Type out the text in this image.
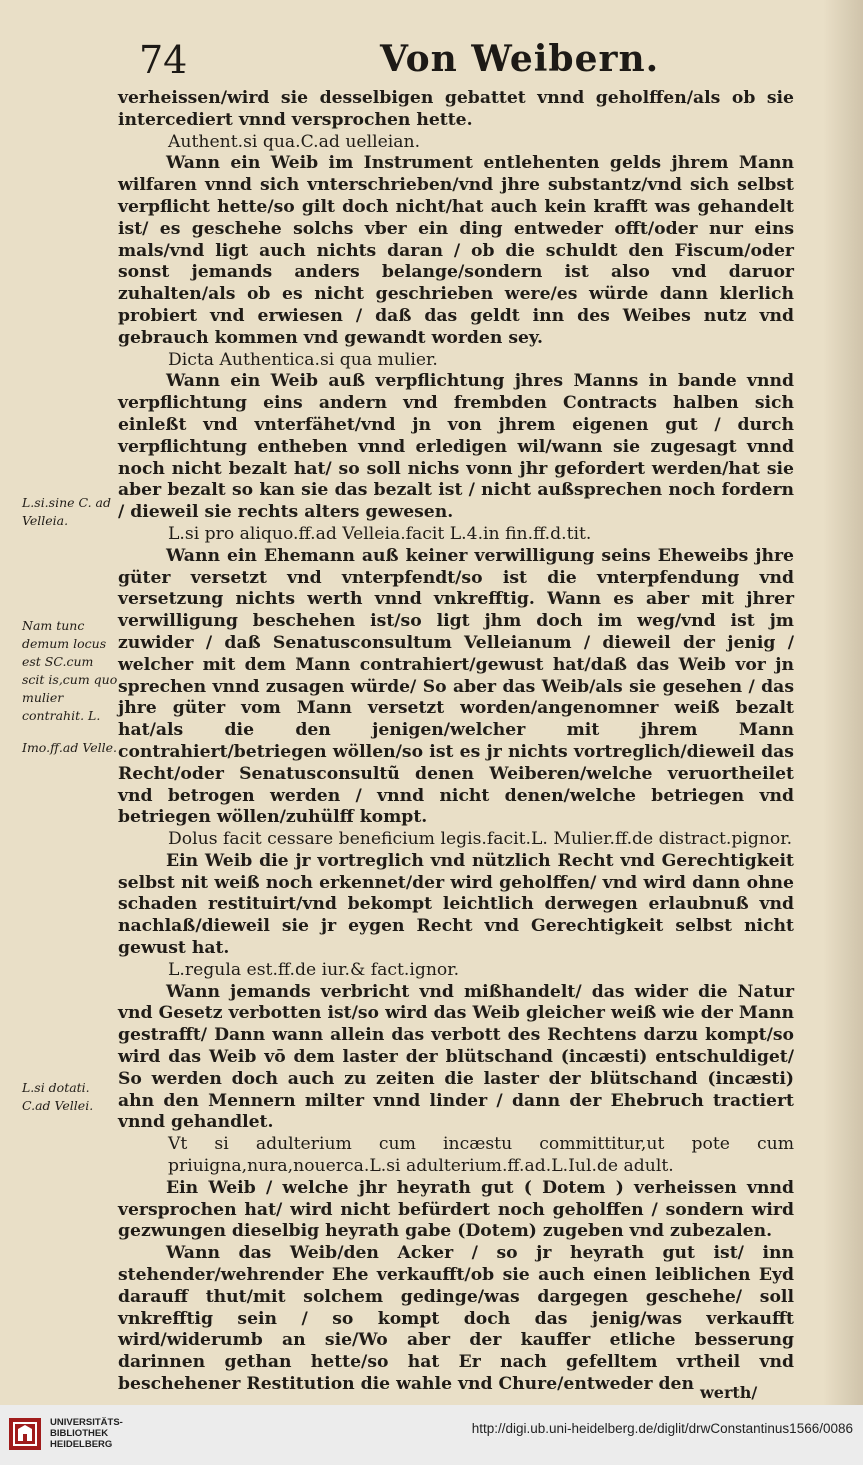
74	Von Weibern.

verheissen/wird sie desselbigen gebattet vnnd geholffen/als ob sie intercediert vnnd versprochen hette.

Authent.si qua.C.ad uelleian.

Wann ein Weib im Instrument entlehenten gelds jhrem Mann wilfaren vnnd sich vnterschrieben/vnd jhre substantz/vnd sich selbst verpflicht hette/so gilt doch nicht/hat auch kein krafft was gehandelt ist/ es geschehe solchs vber ein ding entweder offt/oder nur eins mals/vnd ligt auch nichts daran / ob die schuldt den Fiscum/oder sonst jemands anders belange/sondern ist also vnd daruor zuhalten/als ob es nicht geschrieben were/es würde dann klerlich probiert vnd erwiesen / daß das geldt inn des Weibes nutz vnd gebrauch kommen vnd gewandt worden sey.

Dicta Authentica.si qua mulier.

Wann ein Weib auß verpflichtung jhres Manns in bande vnnd verpflichtung eins andern vnd frembden Contracts halben sich einleßt vnd vnterfähet/vnd jn von jhrem eigenen gut / durch verpflichtung entheben vnnd erledigen wil/wann sie zugesagt vnnd noch nicht bezalt hat/ so soll nichs vonn jhr gefordert werden/hat sie aber bezalt so kan sie das bezalt ist / nicht außsprechen noch fordern / dieweil sie rechts alters gewesen.

L.si pro aliquo.ff.ad Velleia.facit L.4.in fin.ff.d.tit.

Wann ein Ehemann auß keiner verwilligung seins Eheweibs jhre güter versetzt vnd vnterpfendt/so ist die vnterpfendung vnd versetzung nichts werth vnnd vnkrefftig. Wann es aber mit jhrer verwilligung beschehen ist/so ligt jhm doch im weg/vnd ist jm zuwider / daß Senatusconsultum Velleianum / dieweil der jenig / welcher mit dem Mann contrahiert/gewust hat/daß das Weib vor jn sprechen vnnd zusagen würde/ So aber das Weib/als sie gesehen / das jhre güter vom Mann versetzt worden/angenomner weiß bezalt hat/als die den jenigen/welcher mit jhrem Mann contrahiert/betriegen wöllen/so ist es jr nichts vortreglich/dieweil das Recht/oder Senatusconsultũ denen Weiberen/welche veruortheilet vnd betrogen werden / vnnd nicht denen/welche betriegen vnd betriegen wöllen/zuhülff kompt.

Dolus facit cessare beneficium legis.facit.L. Mulier.ff.de distract.pignor.

Ein Weib die jr vortreglich vnd nützlich Recht vnd Gerechtigkeit selbst nit weiß noch erkennet/der wird geholffen/ vnd wird dann ohne schaden restituirt/vnd bekompt leichtlich derwegen erlaubnuß vnd nachlaß/dieweil sie jr eygen Recht vnd Gerechtigkeit selbst nicht gewust hat.

L.regula est.ff.de iur.& fact.ignor.

Wann jemands verbricht vnd mißhandelt/ das wider die Natur vnd Gesetz verbotten ist/so wird das Weib gleicher weiß wie der Mann gestrafft/ Dann wann allein das verbott des Rechtens darzu kompt/so wird das Weib vō dem laster der blütschand (incæsti) entschuldiget/ So werden doch auch zu zeiten die laster der blütschand (incæsti) ahn den Mennern milter vnnd linder / dann der Ehebruch tractiert vnnd gehandlet.

Vt si adulterium cum incæstu committitur,ut pote cum priuigna,nura,nouerca.L.si adulterium.ff.ad.L.Iul.de adult.

Ein Weib / welche jhr heyrath gut ( Dotem ) verheissen vnnd versprochen hat/ wird nicht befürdert noch geholffen / sondern wird gezwungen dieselbig heyrath gabe (Dotem) zugeben vnd zubezalen.

Wann das Weib/den Acker / so jr heyrath gut ist/ inn stehender/wehrender Ehe verkaufft/ob sie auch einen leiblichen Eyd darauff thut/mit solchem gedinge/was dargegen geschehe/ soll vnkrefftig sein / so kompt doch das jenig/was verkaufft wird/widerumb an sie/Wo aber der kauffer etliche besserung darinnen gethan hette/so hat Er nach gefelltem vrtheil vnd beschehener Restitution die wahle vnd Chure/entweder den

L.si.sine C. ad Velleia.
Nam tunc demum locus est SC.cum scit is,cum quo mulier contrahit. L.
Imo.ff.ad Velle.
L.si dotati. C.ad Vellei.
werth/
UNIVERSITÄTS-
BIBLIOTHEK
HEIDELBERG
http://digi.ub.uni-heidelberg.de/diglit/drwConstantinus1566/0086
